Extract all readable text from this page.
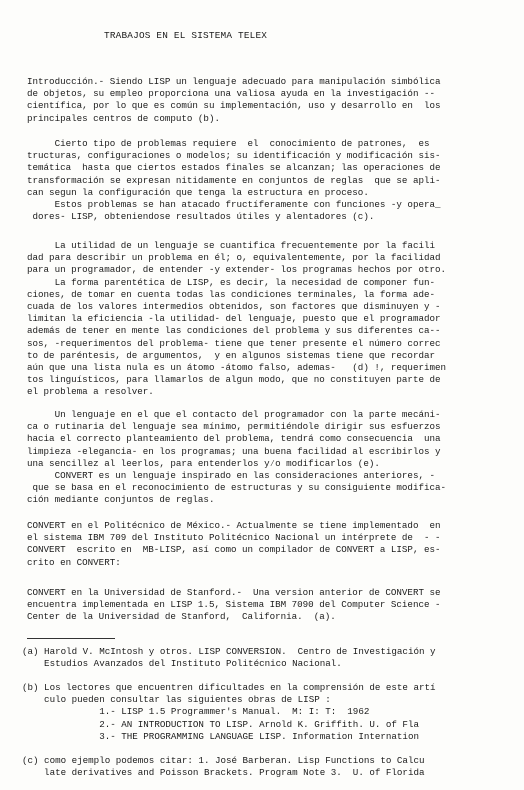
TRABAJOS EN EL SISTEMA TELEX
Introducción.- Siendo LISP un lenguaje adecuado para manipulación simbólica
de objetos, su empleo proporciona una valiosa ayuda en la investigación --
científica, por lo que es común su implementación, uso y desarrollo en  los
principales centros de computo (b).
Cierto tipo de problemas requiere  el  conocimiento de patrones,  es
tructuras, configuraciones o modelos; su identificación y modificación sis-
temática  hasta que ciertos estados finales se alcanzan; las operaciones de
transformación se expresan nitidamente en conjuntos de reglas  que se apli-
can segun la configuración que tenga la estructura en proceso.
Estos problemas se han atacado fructíferamente con funciones -y opera_
dores- LISP, obteniendose resultados útiles y alentadores (c).
La utilidad de un lenguaje se cuantifica frecuentemente por la facili
dad para describir un problema en él; o, equivalentemente, por la facilidad
para un programador, de entender -y extender- los programas hechos por otro.
La forma parentética de LISP, es decir, la necesidad de componer fun-
ciones, de tomar en cuenta todas las condiciones terminales, la forma ade-
cuada de los valores intermedios obtenidos, son factores que disminuyen y -
limitan la eficiencia -la utilidad- del lenguaje, puesto que el programador
además de tener en mente las condiciones del problema y sus diferentes ca--
sos, -requerimentos del problema- tiene que tener presente el número correc
to de paréntesis, de argumentos,  y en algunos sistemas tiene que recordar
aún que una lista nula es un átomo -átomo falso, ademas-   (d) !, requerimen
tos linguísticos, para llamarlos de algun modo, que no constituyen parte de
el problema a resolver.
Un lenguaje en el que el contacto del programador con la parte mecáni-
ca o rutinaria del lenguaje sea mínimo, permitiéndole dirigir sus esfuerzos
hacia el correcto planteamiento del problema, tendrá como consecuencia  una
limpieza -elegancia- en los programas; una buena facilidad al escribirlos y
una sencillez al leerlos, para entenderlos y⁄o modificarlos (e).
CONVERT es un lenguaje inspirado en las consideraciones anteriores, -
que se basa en el reconocimiento de estructuras y su consiguiente modifica-
ción mediante conjuntos de reglas.
CONVERT en el Politécnico de México.- Actualmente se tiene implementado  en
el sistema IBM 709 del Instituto Politécnico Nacional un intérprete de  - -
CONVERT  escrito en  MB-LISP, así como un compilador de CONVERT a LISP, es-
crito en CONVERT:
CONVERT en la Universidad de Stanford.-  Una version anterior de CONVERT se
encuentra implementada en LISP 1.5, Sistema IBM 7090 del Computer Science -
Center de la Universidad de Stanford,  California.  (a).
(a) Harold V. McIntosh y otros. LISP CONVERSION.  Centro de Investigación y
Estudios Avanzados del Instituto Politécnico Nacional.
(b) Los lectores que encuentren dificultades en la comprensión de este artí
culo pueden consultar las siguientes obras de LISP :
1.- LISP 1.5 Programmer's Manual.  M: I: T:  1962
2.- AN INTRODUCTION TO LISP. Arnold K. Griffith. U. of Fla
3.- THE PROGRAMMING LANGUAGE LISP. Information Internation
(c) como ejemplo podemos citar: 1. José Barberan. Lisp Functions to Calcu
late derivatives and Poisson Brackets. Program Note 3.  U. of Florida
